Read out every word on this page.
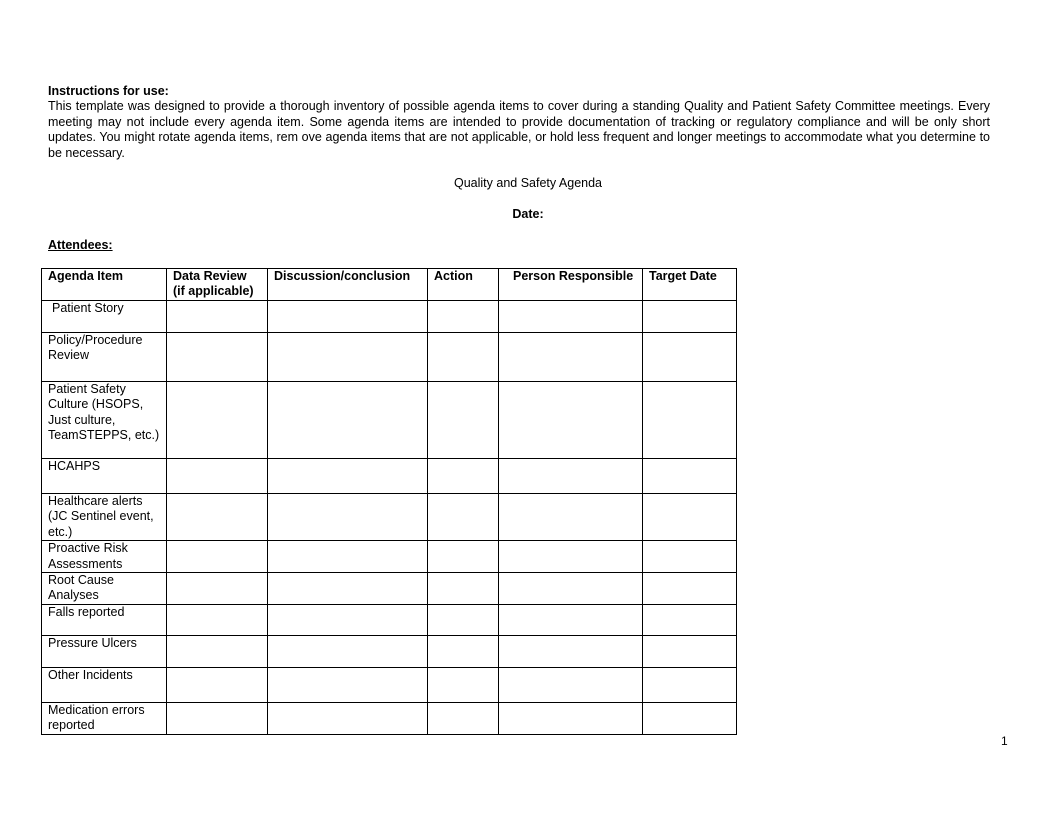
Instructions for use:
This template was designed to provide a thorough inventory of possible agenda items to cover during a standing Quality and Patient Safety Committee meetings. Every meeting may not include every agenda item. Some agenda items are intended to provide documentation of tracking or regulatory compliance and will be only short updates. You might rotate agenda items, rem ove agenda items that are not applicable, or hold less frequent and longer meetings to accommodate what you determine to be necessary.
Quality and Safety Agenda
Date:
Attendees:
Agenda Item	Data Review (if applicable)	Discussion/conclusion	Action	Person Responsible	Target Date
Patient Story					
Policy/Procedure Review					
Patient Safety Culture (HSOPS, Just culture, TeamSTEPPS, etc.)					
HCAHPS					
Healthcare alerts (JC Sentinel event, etc.)					
Proactive Risk Assessments					
Root Cause Analyses					
Falls reported					
Pressure Ulcers					
Other Incidents					
Medication errors reported					
1
